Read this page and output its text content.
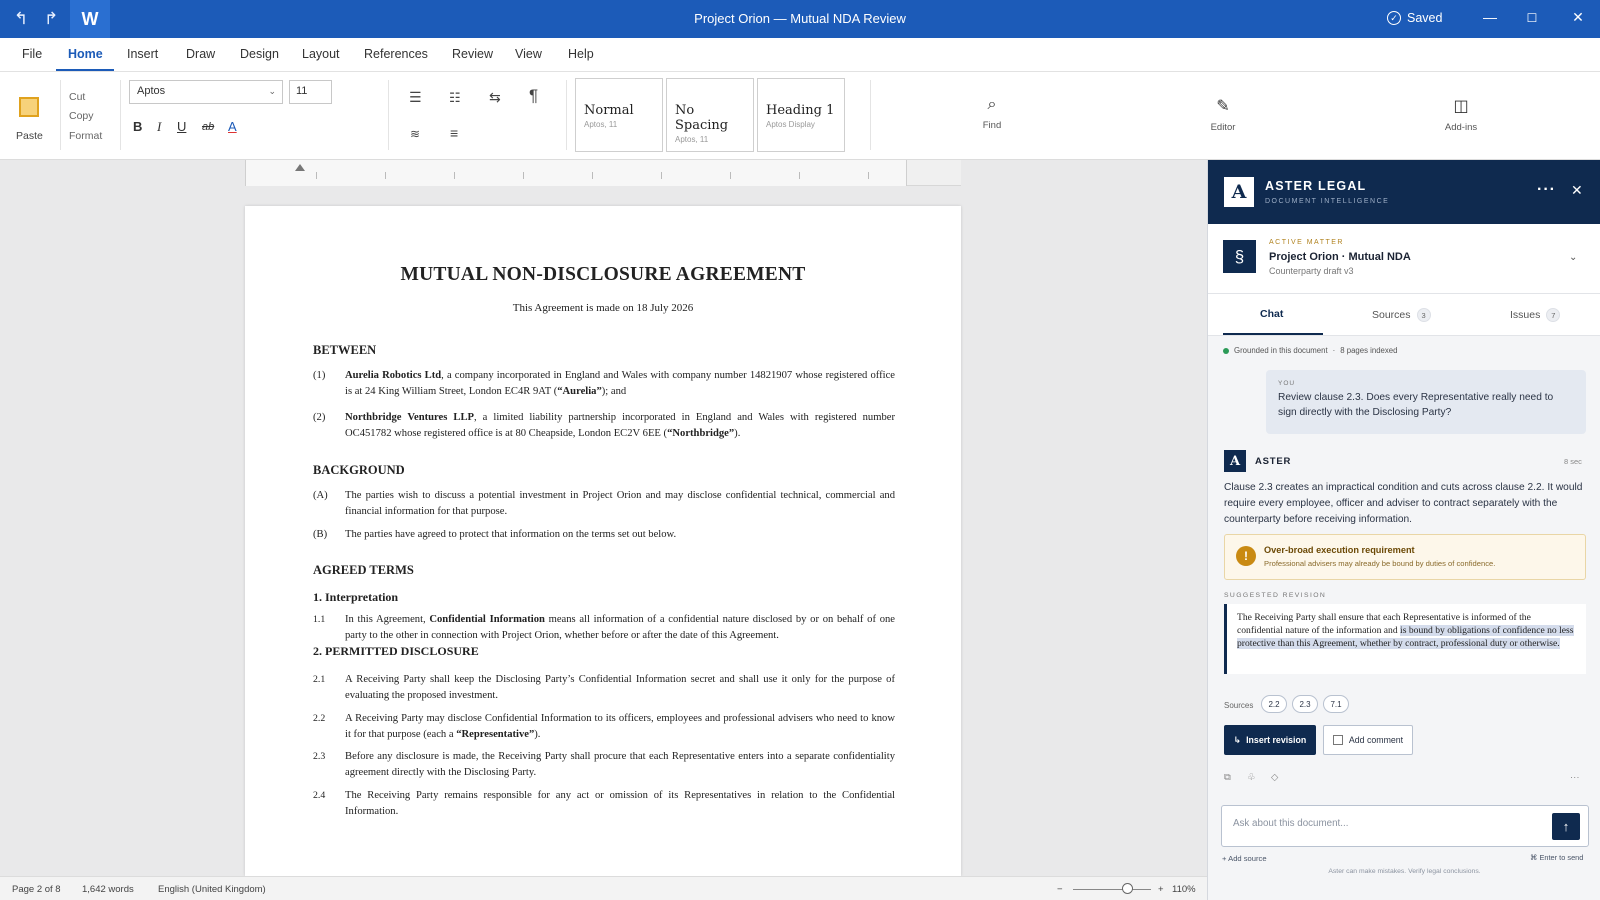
↰ ↱	W	Project Orion — Mutual NDA Review	✓ Saved	—	☐	✕
File Home Insert Draw Design Layout References Review View Help
Paste
Cut
Copy
Format
Aptos	⌄	11
B I U ab A
☰ ☷ ⇆ ¶
≋ ≡
Normal
Aptos, 11
No Spacing
Aptos, 11
Heading 1
Aptos Display
⌕
Find
✎
Editor
◫
Add-ins
MUTUAL NON-DISCLOSURE AGREEMENT
This Agreement is made on 18 July 2026
BETWEEN
(1)	Aurelia Robotics Ltd, a company incorporated in England and Wales with company number 14821907 whose registered office is at 24 King William Street, London EC4R 9AT (“Aurelia”); and
(2)	Northbridge Ventures LLP, a limited liability partnership incorporated in England and Wales with registered number OC451782 whose registered office is at 80 Cheapside, London EC2V 6EE (“Northbridge”).
BACKGROUND
(A)	The parties wish to discuss a potential investment in Project Orion and may disclose confidential technical, commercial and financial information for that purpose.
(B)	The parties have agreed to protect that information on the terms set out below.
AGREED TERMS
1. Interpretation
1.1	In this Agreement, Confidential Information means all information of a confidential nature disclosed by or on behalf of one party to the other in connection with Project Orion, whether before or after the date of this Agreement.
2. PERMITTED DISCLOSURE
2.1	A Receiving Party shall keep the Disclosing Party’s Confidential Information secret and shall use it only for the purpose of evaluating the proposed investment.
2.2	A Receiving Party may disclose Confidential Information to its officers, employees and professional advisers who need to know it for that purpose (each a “Representative”).
2.3	Before any disclosure is made, the Receiving Party shall procure that each Representative enters into a separate confidentiality agreement directly with the Disclosing Party.
2.4	The Receiving Party remains responsible for any act or omission of its Representatives in relation to the Confidential Information.
Page 2 of 8 1,642 words	English (United Kingdom)	−	+ 110%
A	ASTER LEGAL
DOCUMENT INTELLIGENCE
··· ✕
§
ACTIVE MATTER
Project Orion · Mutual NDA
Counterparty draft v3
⌄
Chat	Sources	3	Issues	7
Grounded in this document · 8 pages indexed
YOU
Review clause 2.3. Does every Representative really need to sign directly with the Disclosing Party?
A	ASTER	8 sec
Clause 2.3 creates an impractical condition and cuts across clause 2.2. It would require every employee, officer and adviser to contract separately with the counterparty before receiving information.
!	Over-broad execution requirement
Professional advisers may already be bound by duties of confidence.
SUGGESTED REVISION
The Receiving Party shall ensure that each Representative is informed of the confidential nature of the information and is bound by obligations of confidence no less protective than this Agreement, whether by contract, professional duty or otherwise.
Sources	2.2	2.3	7.1
↳ Insert revision	Add comment
⧉ ♧ ◇	···
Ask about this document...
↑
+ Add source	⌘ Enter to send
Aster can make mistakes. Verify legal conclusions.
